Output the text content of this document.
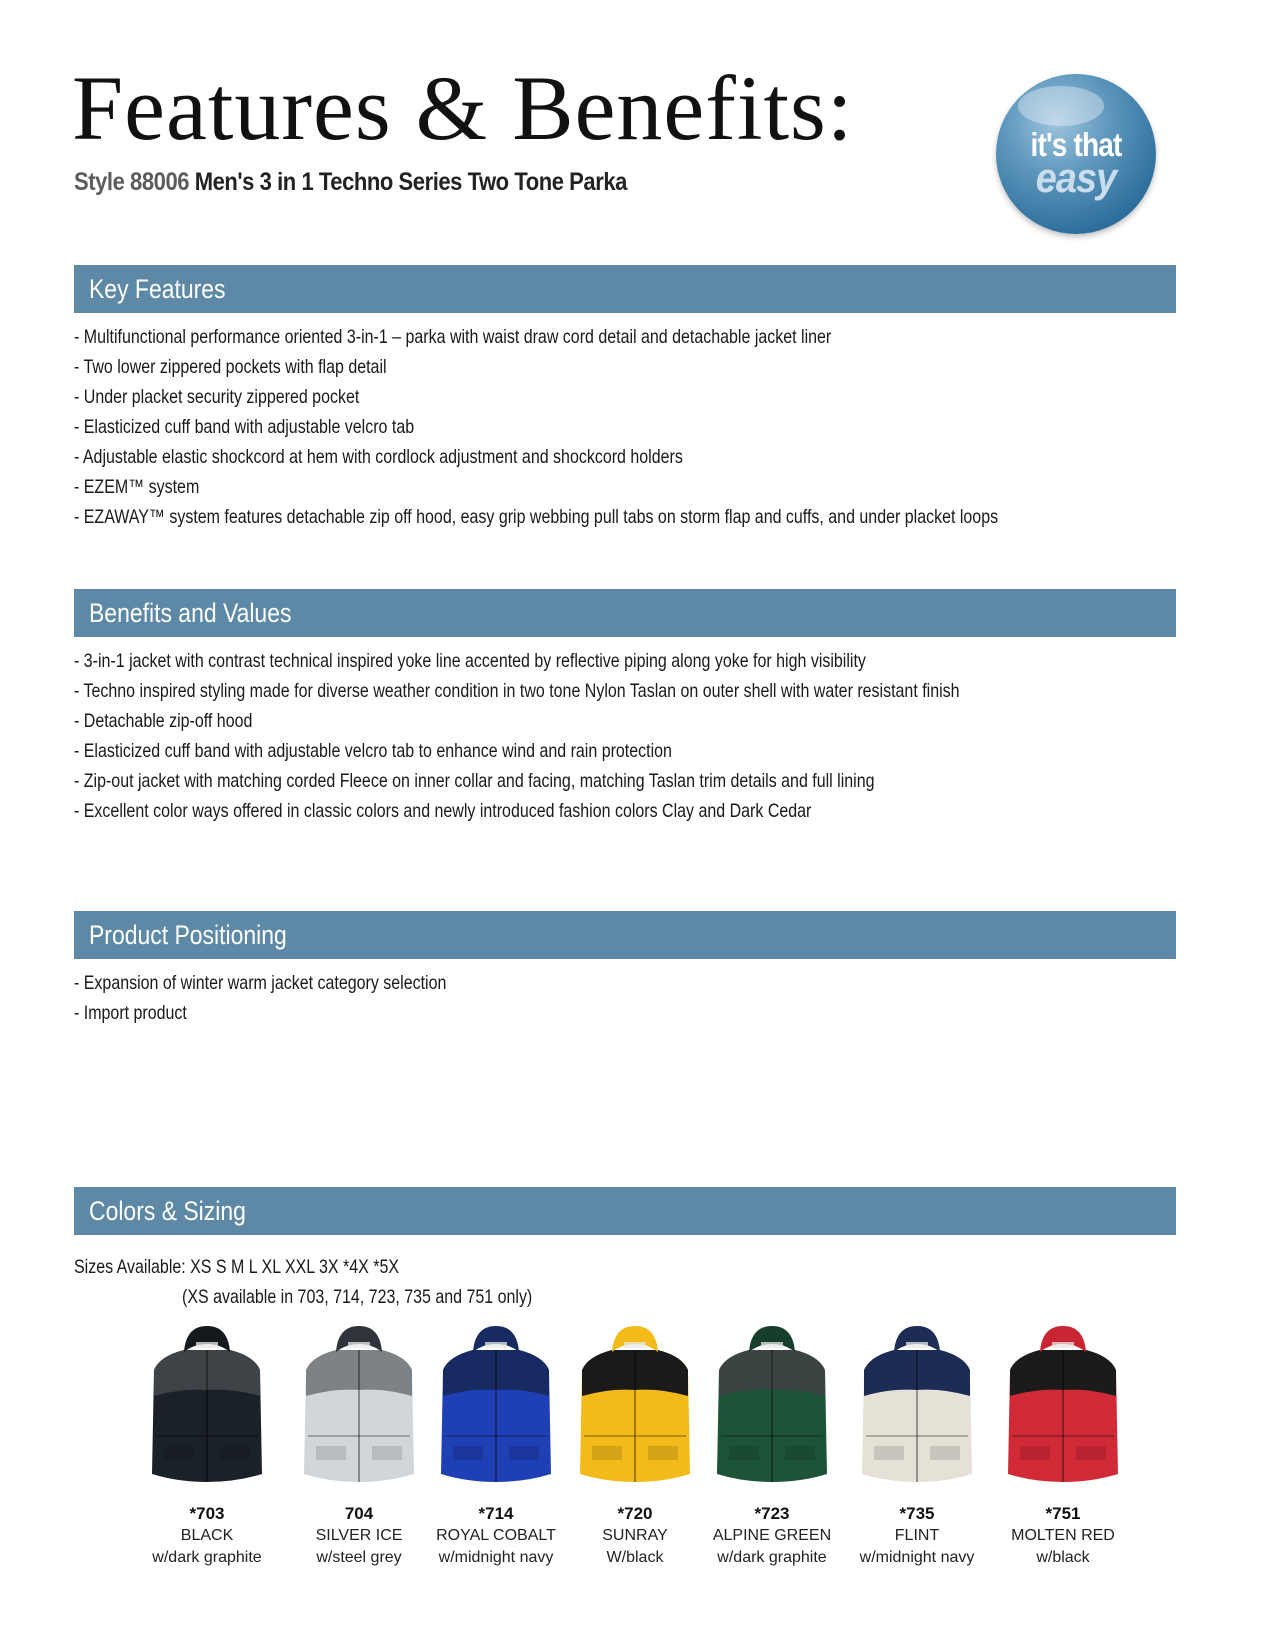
Features & Benefits:

Style 88006 Men's 3 in 1 Techno Series Two Tone Parka

it's that
easy
Key Features
- Multifunctional performance oriented 3-in-1 – parka with waist draw cord detail and detachable jacket liner
- Two lower zippered pockets with flap detail
- Under placket security zippered pocket
- Elasticized cuff band with adjustable velcro tab
- Adjustable elastic shockcord at hem with cordlock adjustment and shockcord holders
- EZEM™ system
- EZAWAY™ system features detachable zip off hood, easy grip webbing pull tabs on storm flap and cuffs, and under placket loops
Benefits and Values
- 3-in-1 jacket with contrast technical inspired yoke line accented by reflective piping along yoke for high visibility
- Techno inspired styling made for diverse weather condition in two tone Nylon Taslan on outer shell with water resistant finish
- Detachable zip-off hood
- Elasticized cuff band with adjustable velcro tab to enhance wind and rain protection
- Zip-out jacket with matching corded Fleece on inner collar and facing, matching Taslan trim details and full lining
- Excellent color ways offered in classic colors and newly introduced fashion colors Clay and Dark Cedar
Product Positioning
- Expansion of winter warm jacket category selection
- Import product
Colors & Sizing
Sizes Available: XS S M L XL XXL 3X *4X *5X
(XS available in 703, 714, 723, 735 and 751 only)
*703
BLACK
w/dark graphite
704
SILVER ICE
w/steel grey
*714
ROYAL COBALT
w/midnight navy
*720
SUNRAY
W/black
*723
ALPINE GREEN
w/dark graphite
*735
FLINT
w/midnight navy
*751
MOLTEN RED
w/black
